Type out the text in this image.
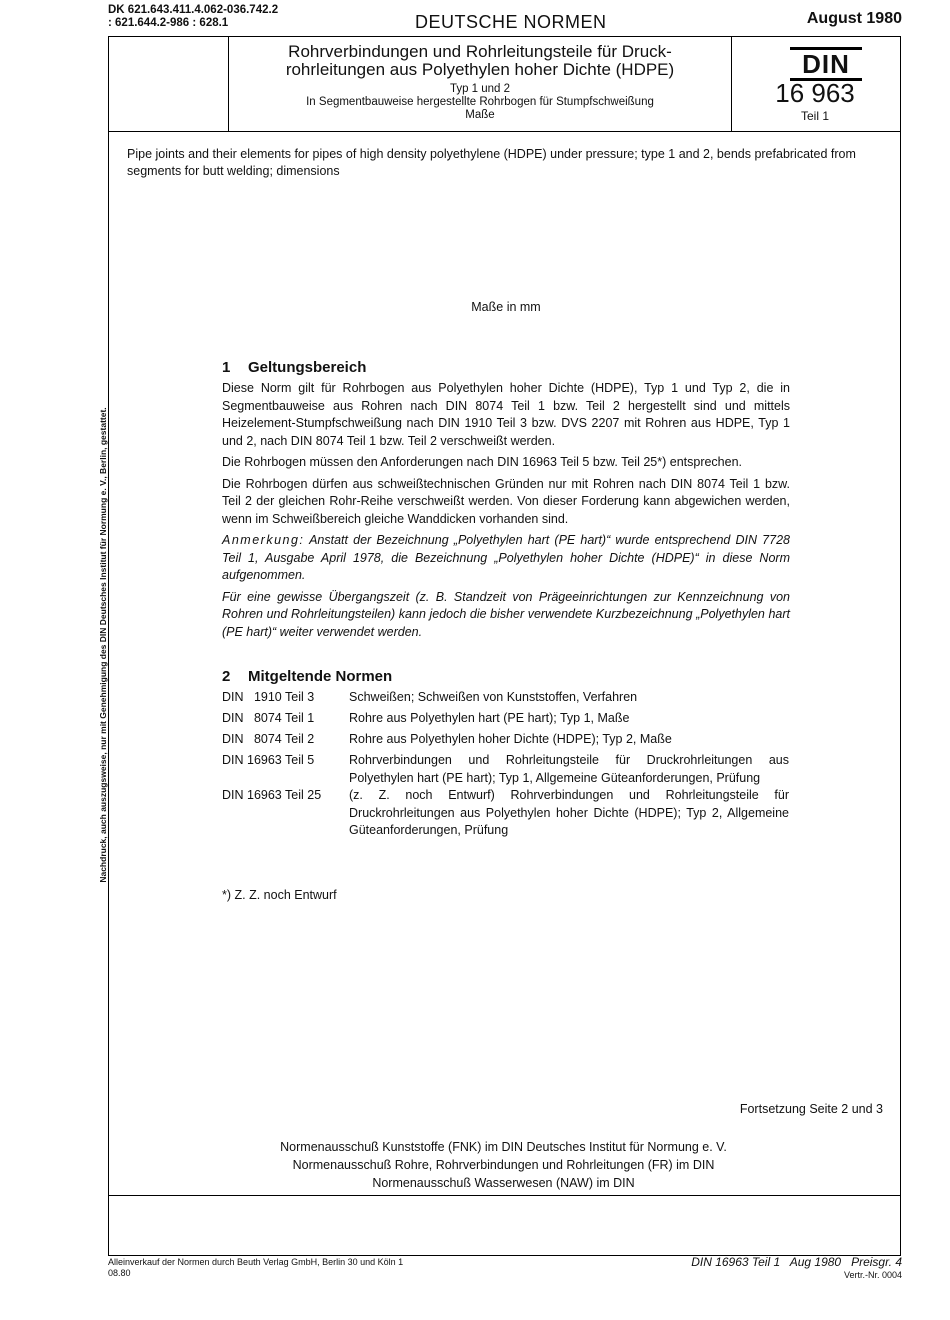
DK 621.643.411.4.062-036.742.2
: 621.644.2-986 : 628.1	DEUTSCHE NORMEN	August 1980
Rohrverbindungen und Rohrleitungsteile für Druck-
rohrleitungen aus Polyethylen hoher Dichte (HDPE)
Typ 1 und 2
In Segmentbauweise hergestellte Rohrbogen für Stumpfschweißung
Maße
DIN
16 963
Teil 1
Pipe joints and their elements for pipes of high density polyethylene (HDPE) under pressure; type 1 and 2, bends prefabricated from segments for butt welding; dimensions
Maße in mm
1 Geltungsbereich

Diese Norm gilt für Rohrbogen aus Polyethylen hoher Dichte (HDPE), Typ 1 und Typ 2, die in Segmentbauweise aus Rohren nach DIN 8074 Teil 1 bzw. Teil 2 hergestellt sind und mittels Heizelement-Stumpfschweißung nach DIN 1910 Teil 3 bzw. DVS 2207 mit Rohren aus HDPE, Typ 1 und 2, nach DIN 8074 Teil 1 bzw. Teil 2 verschweißt werden.

Die Rohrbogen müssen den Anforderungen nach DIN 16963 Teil 5 bzw. Teil 25*) entsprechen.

Die Rohrbogen dürfen aus schweißtechnischen Gründen nur mit Rohren nach DIN 8074 Teil 1 bzw. Teil 2 der gleichen Rohr-Reihe verschweißt werden. Von dieser Forderung kann abgewichen werden, wenn im Schweißbereich gleiche Wanddicken vorhanden sind.

Anmerkung: Anstatt der Bezeichnung „Polyethylen hart (PE hart)“ wurde entsprechend DIN 7728 Teil 1, Ausgabe April 1978, die Bezeichnung „Polyethylen hoher Dichte (HDPE)“ in diese Norm aufgenommen.

Für eine gewisse Übergangszeit (z. B. Standzeit von Prägeeinrichtungen zur Kennzeichnung von Rohren und Rohrleitungsteilen) kann jedoch die bisher verwendete Kurzbezeichnung „Polyethylen hart (PE hart)“ weiter verwendet werden.

2 Mitgeltende Normen
DIN   1910 Teil 3	Schweißen; Schweißen von Kunststoffen, Verfahren
DIN   8074 Teil 1	Rohre aus Polyethylen hart (PE hart); Typ 1, Maße
DIN   8074 Teil 2	Rohre aus Polyethylen hoher Dichte (HDPE); Typ 2, Maße
DIN 16963 Teil 5	Rohrverbindungen und Rohrleitungsteile für Druckrohrleitungen aus Polyethylen hart (PE hart); Typ 1, Allgemeine Güteanforderungen, Prüfung
DIN 16963 Teil 25	(z. Z. noch Entwurf) Rohrverbindungen und Rohrleitungsteile für Druckrohrleitungen aus Polyethylen hoher Dichte (HDPE); Typ 2, Allgemeine Güteanforderungen, Prüfung
*) Z. Z. noch Entwurf
Fortsetzung Seite 2 und 3
Normenausschuß Kunststoffe (FNK) im DIN Deutsches Institut für Normung e. V.
Normenausschuß Rohre, Rohrverbindungen und Rohrleitungen (FR) im DIN
Normenausschuß Wasserwesen (NAW) im DIN
Alleinverkauf der Normen durch Beuth Verlag GmbH, Berlin 30 und Köln 1
08.80
DIN 16963 Teil 1   Aug 1980   Preisgr. 4
Vertr.-Nr. 0004
Nachdruck, auch auszugsweise, nur mit Genehmigung des DIN Deutsches Institut für Normung e. V., Berlin, gestattet.
